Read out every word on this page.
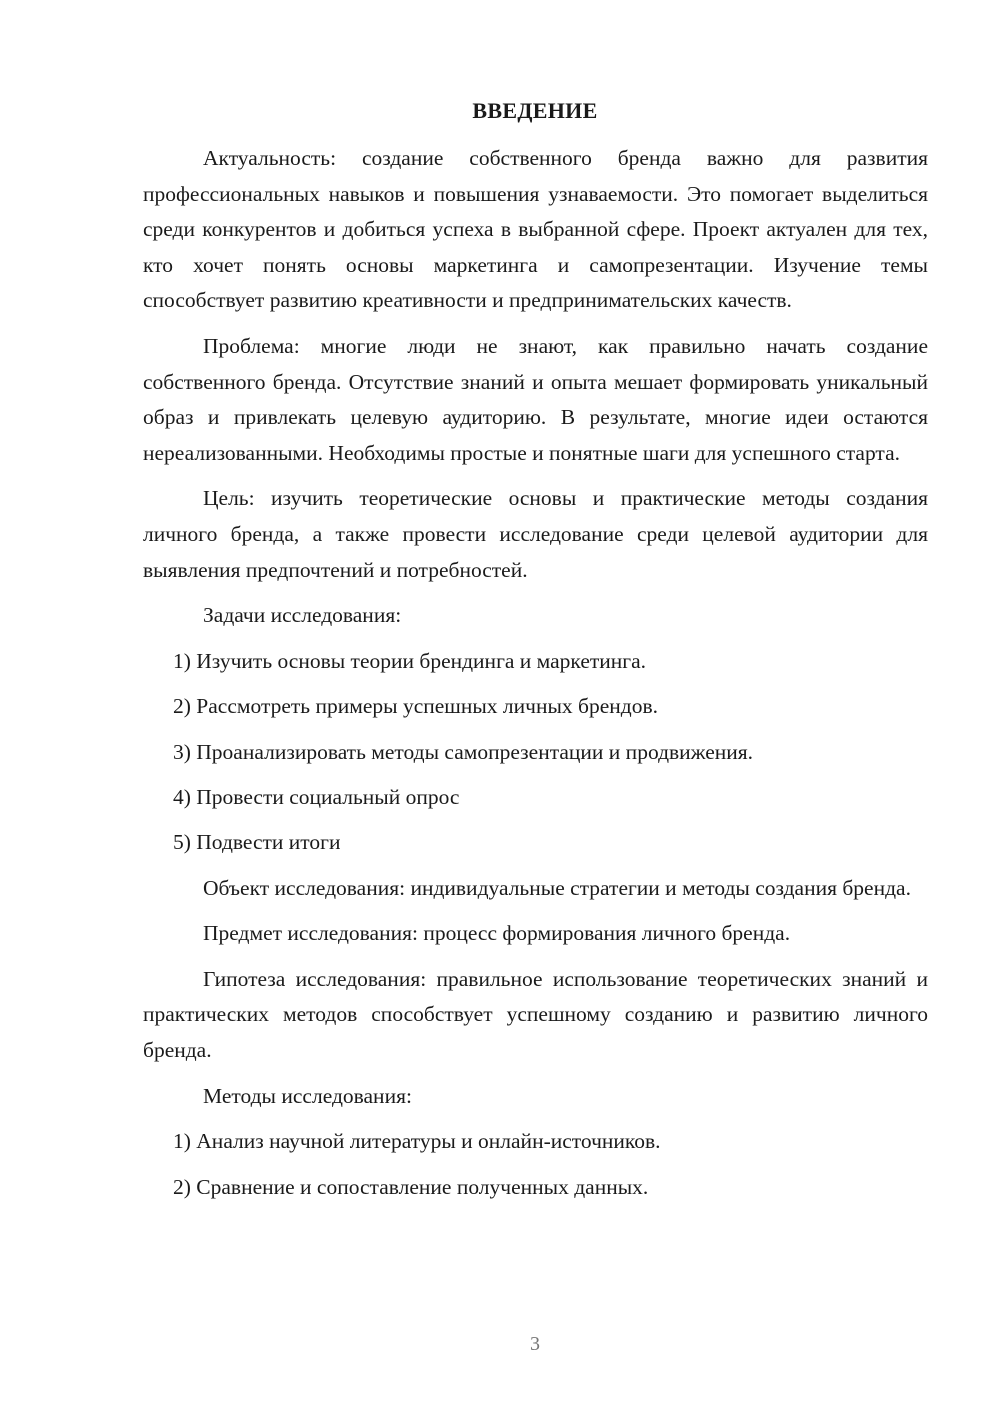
ВВЕДЕНИЕ

Актуальность: создание собственного бренда важно для развития профессиональных навыков и повышения узнаваемости. Это помогает выделиться среди конкурентов и добиться успеха в выбранной сфере. Проект актуален для тех, кто хочет понять основы маркетинга и самопрезентации. Изучение темы способствует развитию креативности и предпринимательских качеств.

Проблема: многие люди не знают, как правильно начать создание собственного бренда. Отсутствие знаний и опыта мешает формировать уникальный образ и привлекать целевую аудиторию. В результате, многие идеи остаются нереализованными. Необходимы простые и понятные шаги для успешного старта.

Цель: изучить теоретические основы и практические методы создания личного бренда, а также провести исследование среди целевой аудитории для выявления предпочтений и потребностей.

Задачи исследования:

1) Изучить основы теории брендинга и маркетинга.

2) Рассмотреть примеры успешных личных брендов.

3) Проанализировать методы самопрезентации и продвижения.

4) Провести социальный опрос

5) Подвести итоги

Объект исследования: индивидуальные стратегии и методы создания бренда.

Предмет исследования: процесс формирования личного бренда.

Гипотеза исследования: правильное использование теоретических знаний и практических методов способствует успешному созданию и развитию личного бренда.

Методы исследования:

1) Анализ научной литературы и онлайн-источников.

2) Сравнение и сопоставление полученных данных.

3
